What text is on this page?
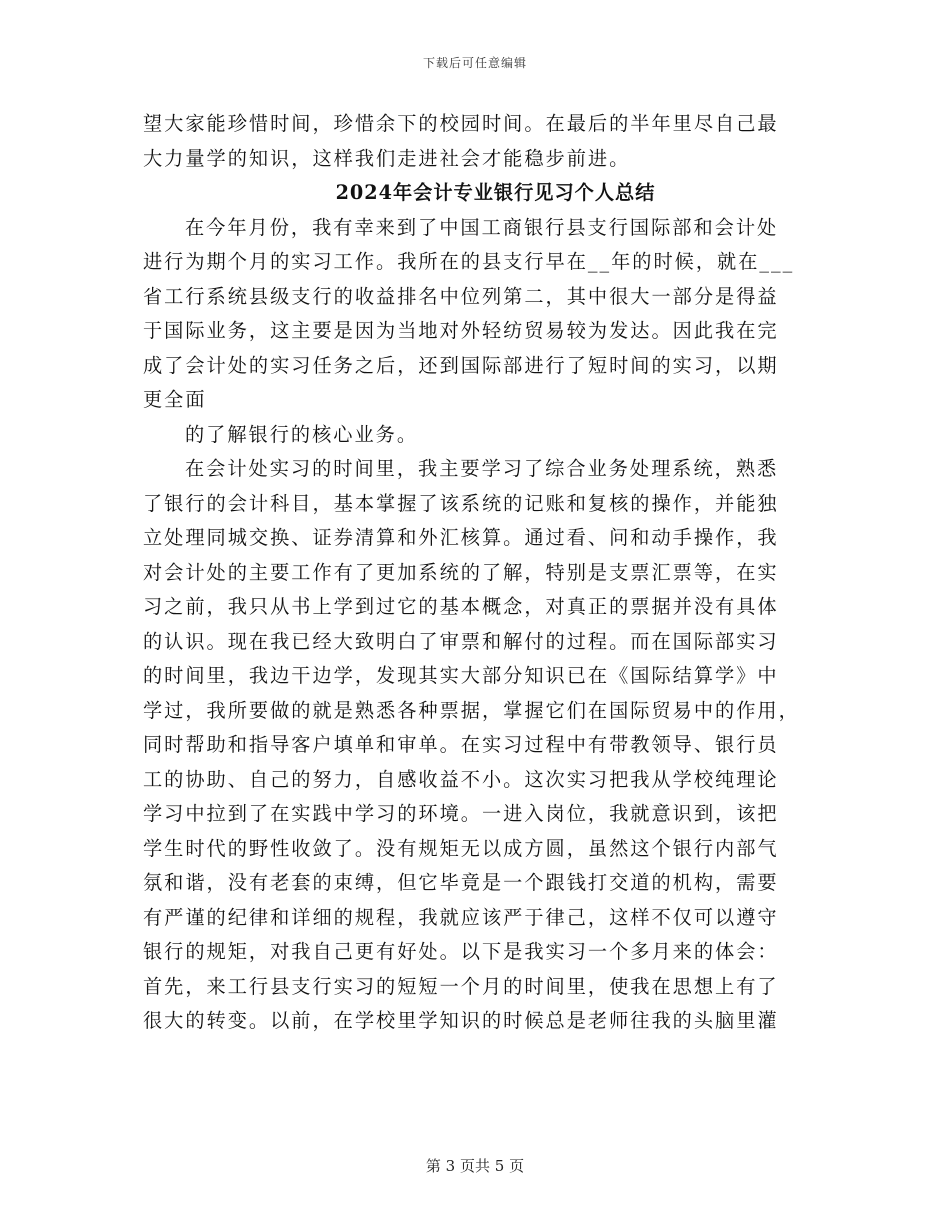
下载后可任意编辑
望大家能珍惜时间，珍惜余下的校园时间。在最后的半年里尽自己最
大力量学的知识，这样我们走进社会才能稳步前进。
2024年会计专业银行见习个人总结
在今年月份，我有幸来到了中国工商银行县支行国际部和会计处
进行为期个月的实习工作。我所在的县支行早在__年的时候，就在___
省工行系统县级支行的收益排名中位列第二，其中很大一部分是得益
于国际业务，这主要是因为当地对外轻纺贸易较为发达。因此我在完
成了会计处的实习任务之后，还到国际部进行了短时间的实习，以期
更全面
的了解银行的核心业务。
在会计处实习的时间里，我主要学习了综合业务处理系统，熟悉
了银行的会计科目，基本掌握了该系统的记账和复核的操作，并能独
立处理同城交换、证券清算和外汇核算。通过看、问和动手操作，我
对会计处的主要工作有了更加系统的了解，特别是支票汇票等，在实
习之前，我只从书上学到过它的基本概念，对真正的票据并没有具体
的认识。现在我已经大致明白了审票和解付的过程。而在国际部实习
的时间里，我边干边学，发现其实大部分知识已在《国际结算学》中
学过，我所要做的就是熟悉各种票据，掌握它们在国际贸易中的作用，
同时帮助和指导客户填单和审单。在实习过程中有带教领导、银行员
工的协助、自己的努力，自感收益不小。这次实习把我从学校纯理论
学习中拉到了在实践中学习的环境。一进入岗位，我就意识到，该把
学生时代的野性收敛了。没有规矩无以成方圆，虽然这个银行内部气
氛和谐，没有老套的束缚，但它毕竟是一个跟钱打交道的机构，需要
有严谨的纪律和详细的规程，我就应该严于律己，这样不仅可以遵守
银行的规矩，对我自己更有好处。以下是我实习一个多月来的体会：
首先，来工行县支行实习的短短一个月的时间里，使我在思想上有了
很大的转变。以前，在学校里学知识的时候总是老师往我的头脑里灌
第 3 页共 5 页
